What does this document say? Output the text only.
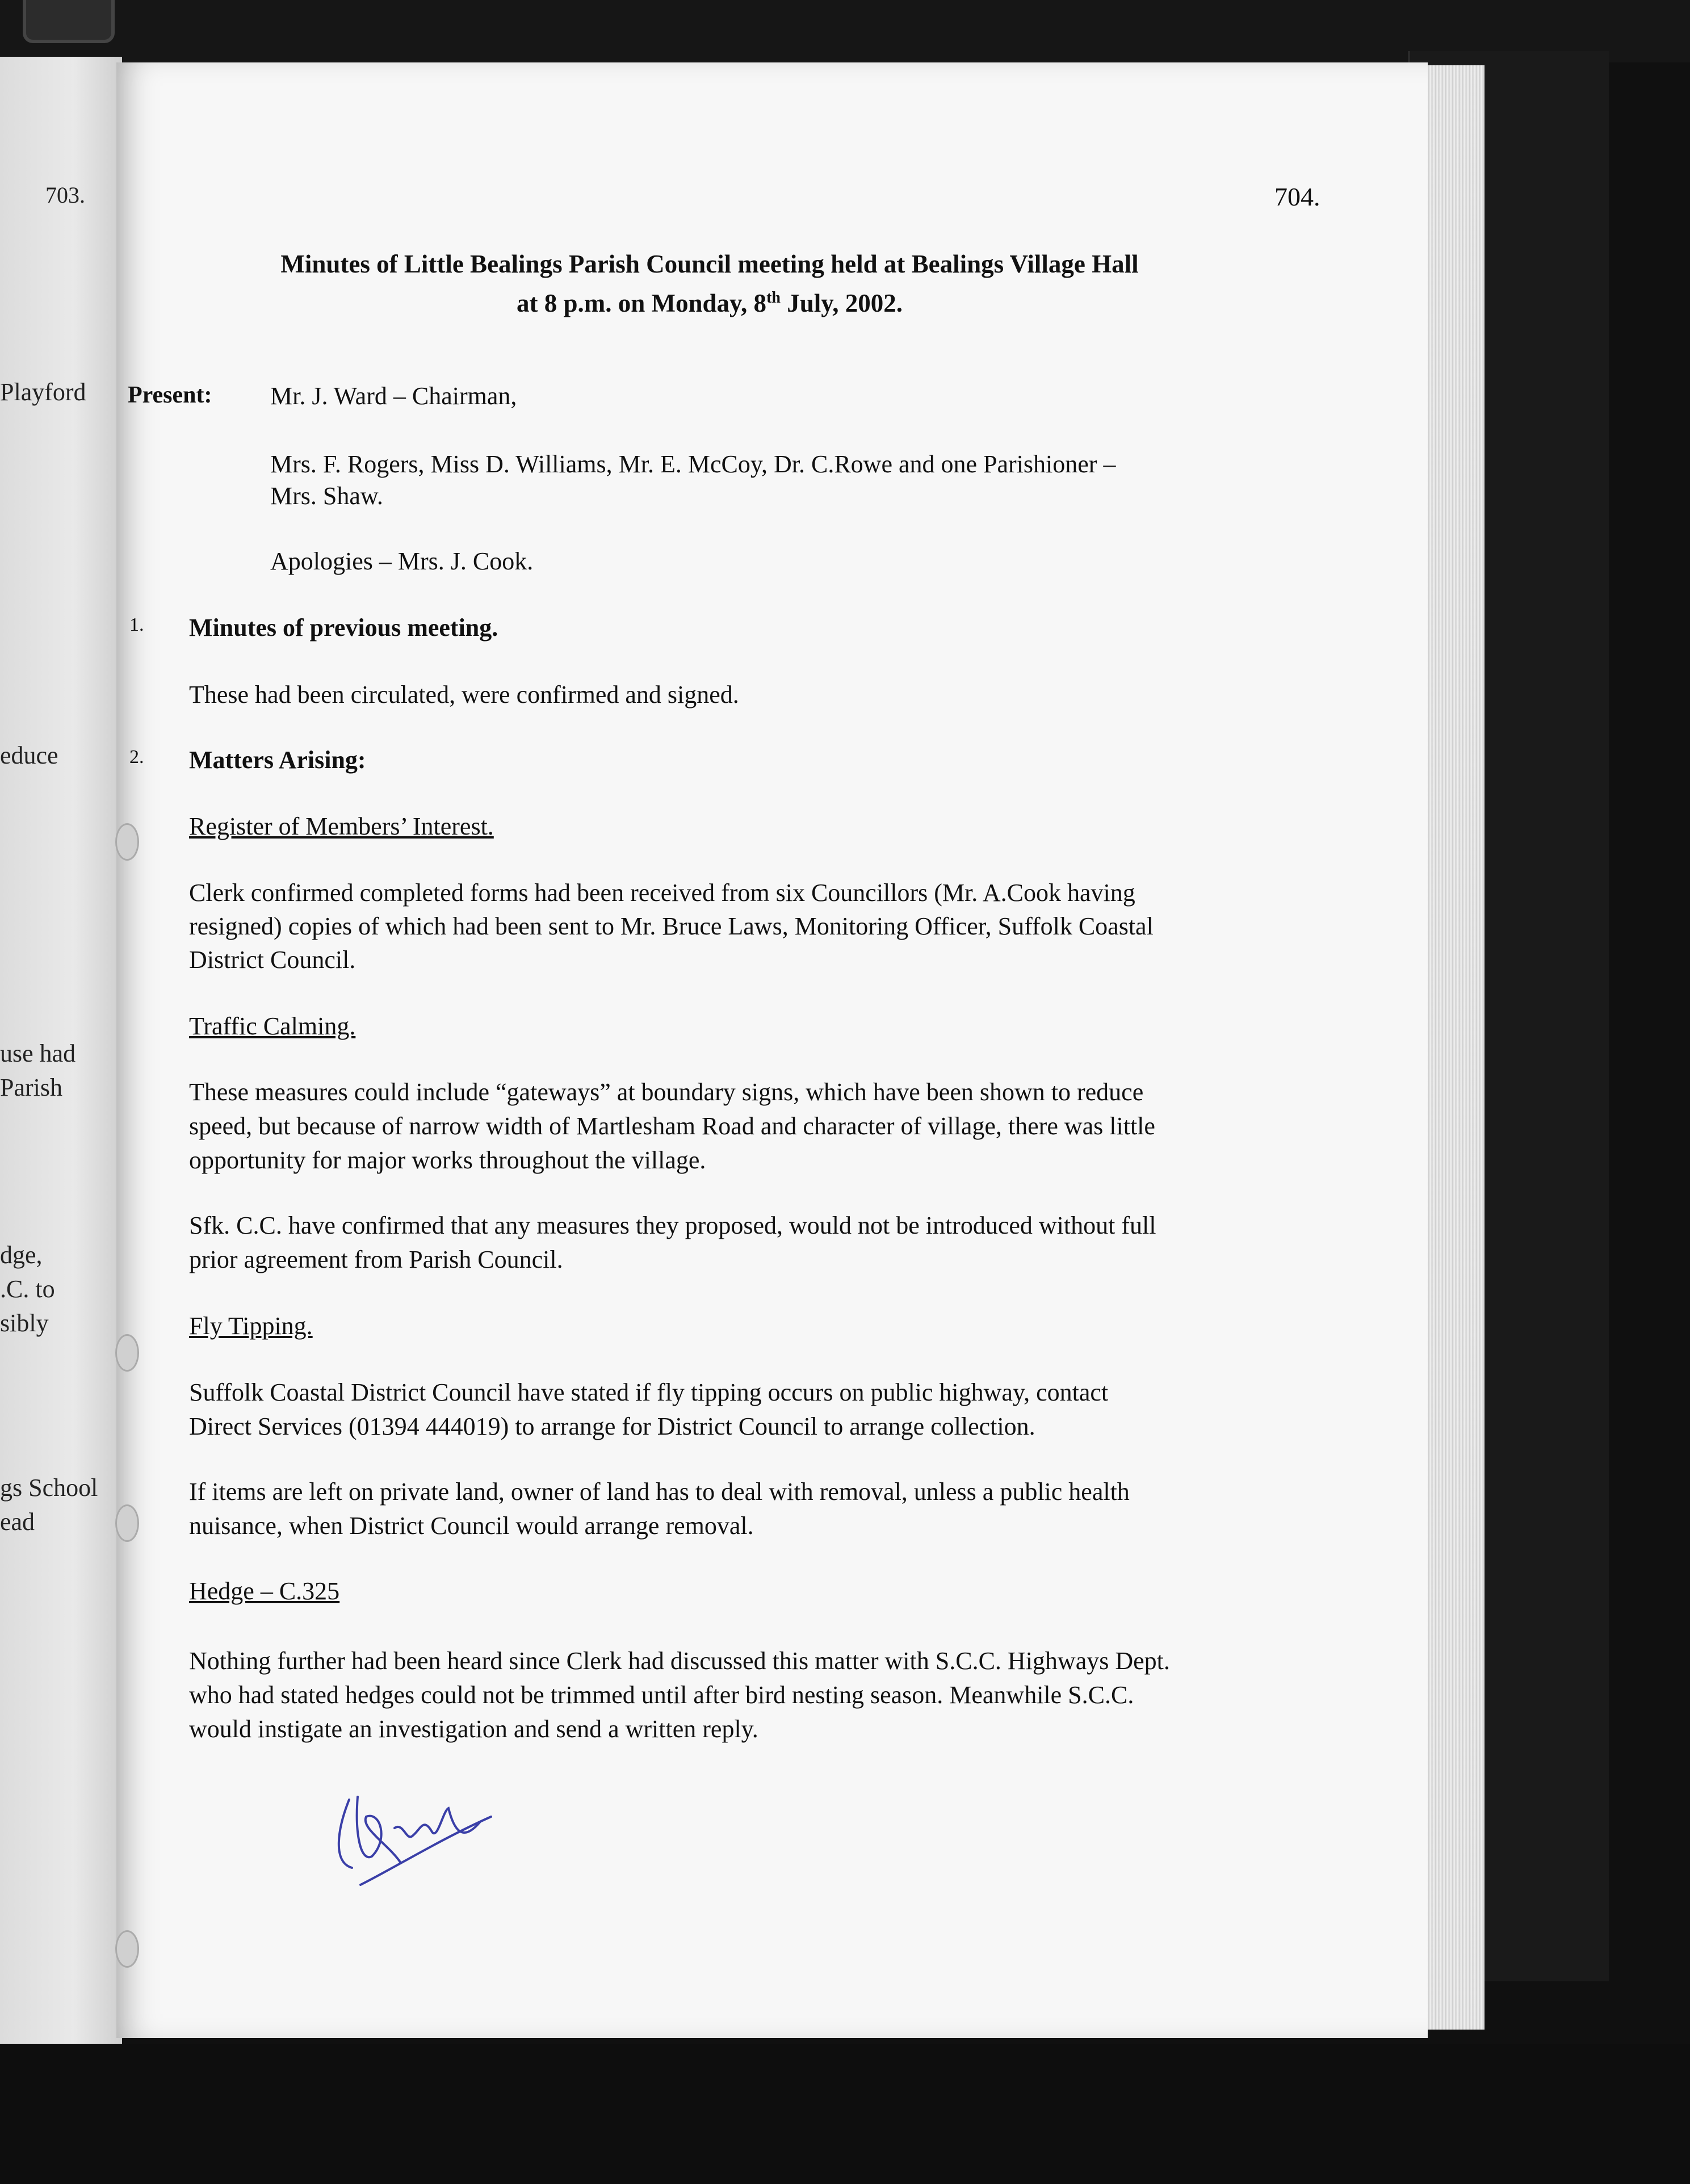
703.
Playford
educe
use had
Parish
dge,
.C. to
sibly
gs School
ead
704.
Minutes of Little Bealings Parish Council meeting held at Bealings Village Hall
at 8 p.m. on Monday, 8th July, 2002.
Present: Mr. J. Ward – Chairman,
Mrs. F. Rogers, Miss D. Williams, Mr. E. McCoy, Dr. C.Rowe and one Parishioner –
Mrs. Shaw.
Apologies – Mrs. J. Cook.
1. Minutes of previous meeting.
These had been circulated, were confirmed and signed.
2. Matters Arising:
Register of Members’ Interest.
Clerk confirmed completed forms had been received from six Councillors (Mr. A.Cook having
resigned) copies of which had been sent to Mr. Bruce Laws, Monitoring Officer, Suffolk Coastal
District Council.
Traffic Calming.
These measures could include “gateways” at boundary signs, which have been shown to reduce
speed, but because of narrow width of Martlesham Road and character of village, there was little
opportunity for major works throughout the village.
Sfk. C.C. have confirmed that any measures they proposed, would not be introduced without full
prior agreement from Parish Council.
Fly Tipping.
Suffolk Coastal District Council have stated if fly tipping occurs on public highway, contact
Direct Services (01394 444019) to arrange for District Council to arrange collection.
If items are left on private land, owner of land has to deal with removal, unless a public health
nuisance, when District Council would arrange removal.
Hedge – C.325
Nothing further had been heard since Clerk had discussed this matter with S.C.C. Highways Dept.
who had stated hedges could not be trimmed until after bird nesting season. Meanwhile S.C.C.
would instigate an investigation and send a written reply.
